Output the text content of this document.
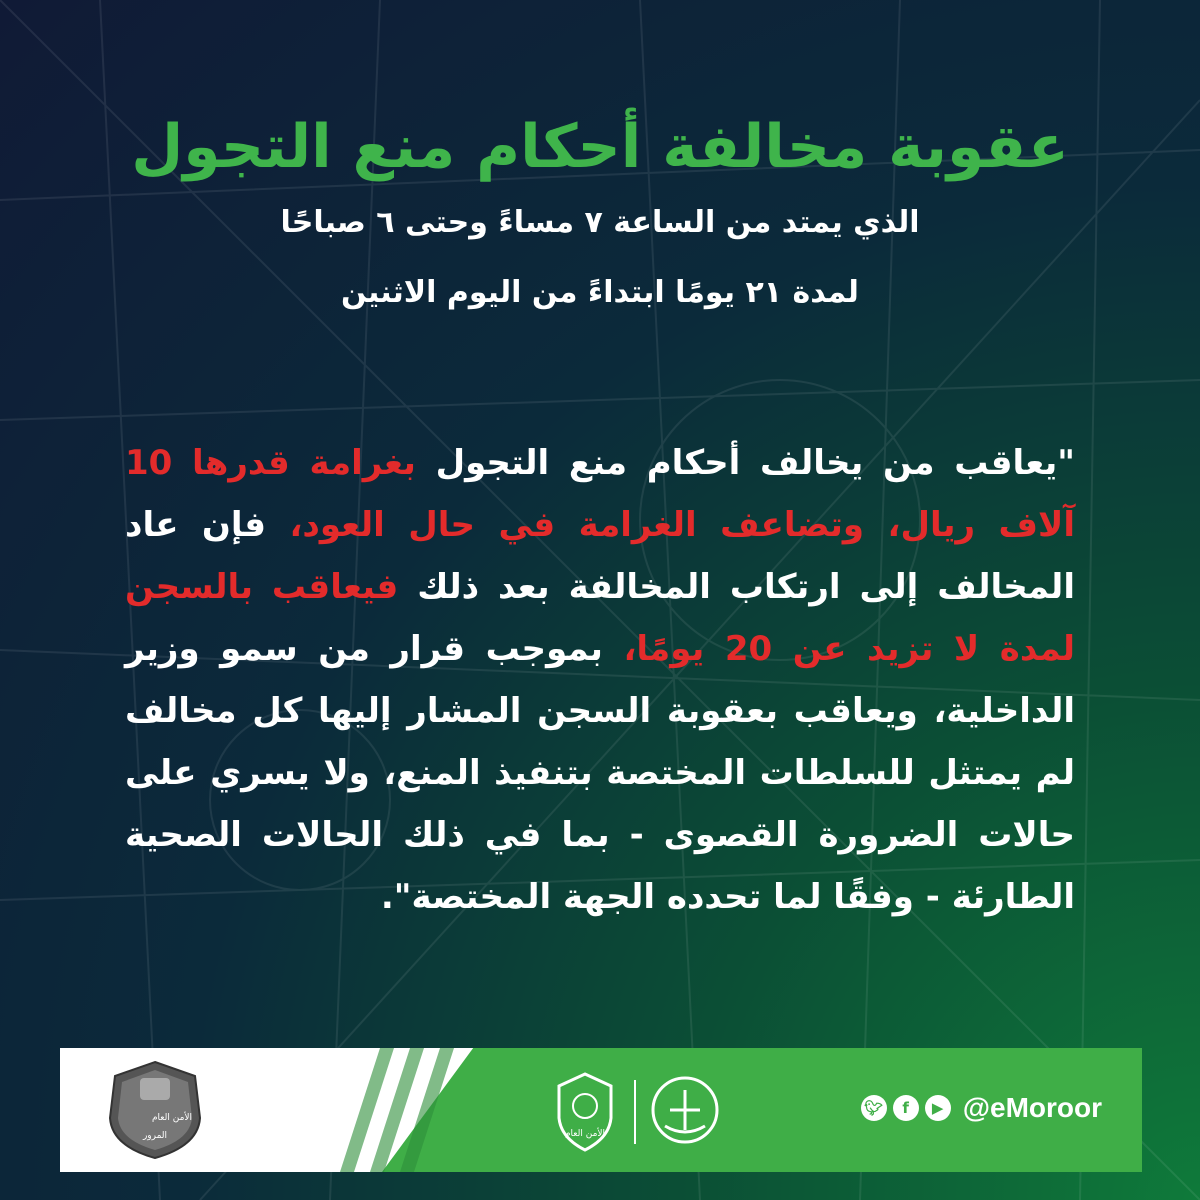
عقوبة مخالفة أحكام منع التجول
الذي يمتد من الساعة ٧ مساءً وحتى ٦ صباحًا
لمدة ٢١ يومًا ابتداءً من اليوم الاثنين
"يعاقب من يخالف أحكام منع التجول بغرامة قدرها 10 آلاف ريال، وتضاعف الغرامة في حال العود، فإن عاد المخالف إلى ارتكاب المخالفة بعد ذلك فيعاقب بالسجن لمدة لا تزيد عن 20 يومًا، بموجب قرار من سمو وزير الداخلية، ويعاقب بعقوبة السجن المشار إليها كل مخالف لم يمتثل للسلطات المختصة بتنفيذ المنع، ولا يسري على حالات الضرورة القصوى - بما في ذلك الحالات الصحية الطارئة - وفقًا لما تحدده الجهة المختصة".
الأمن العام
المرور	الأمن العام
🐦︎	f	▶ @eMoroor
